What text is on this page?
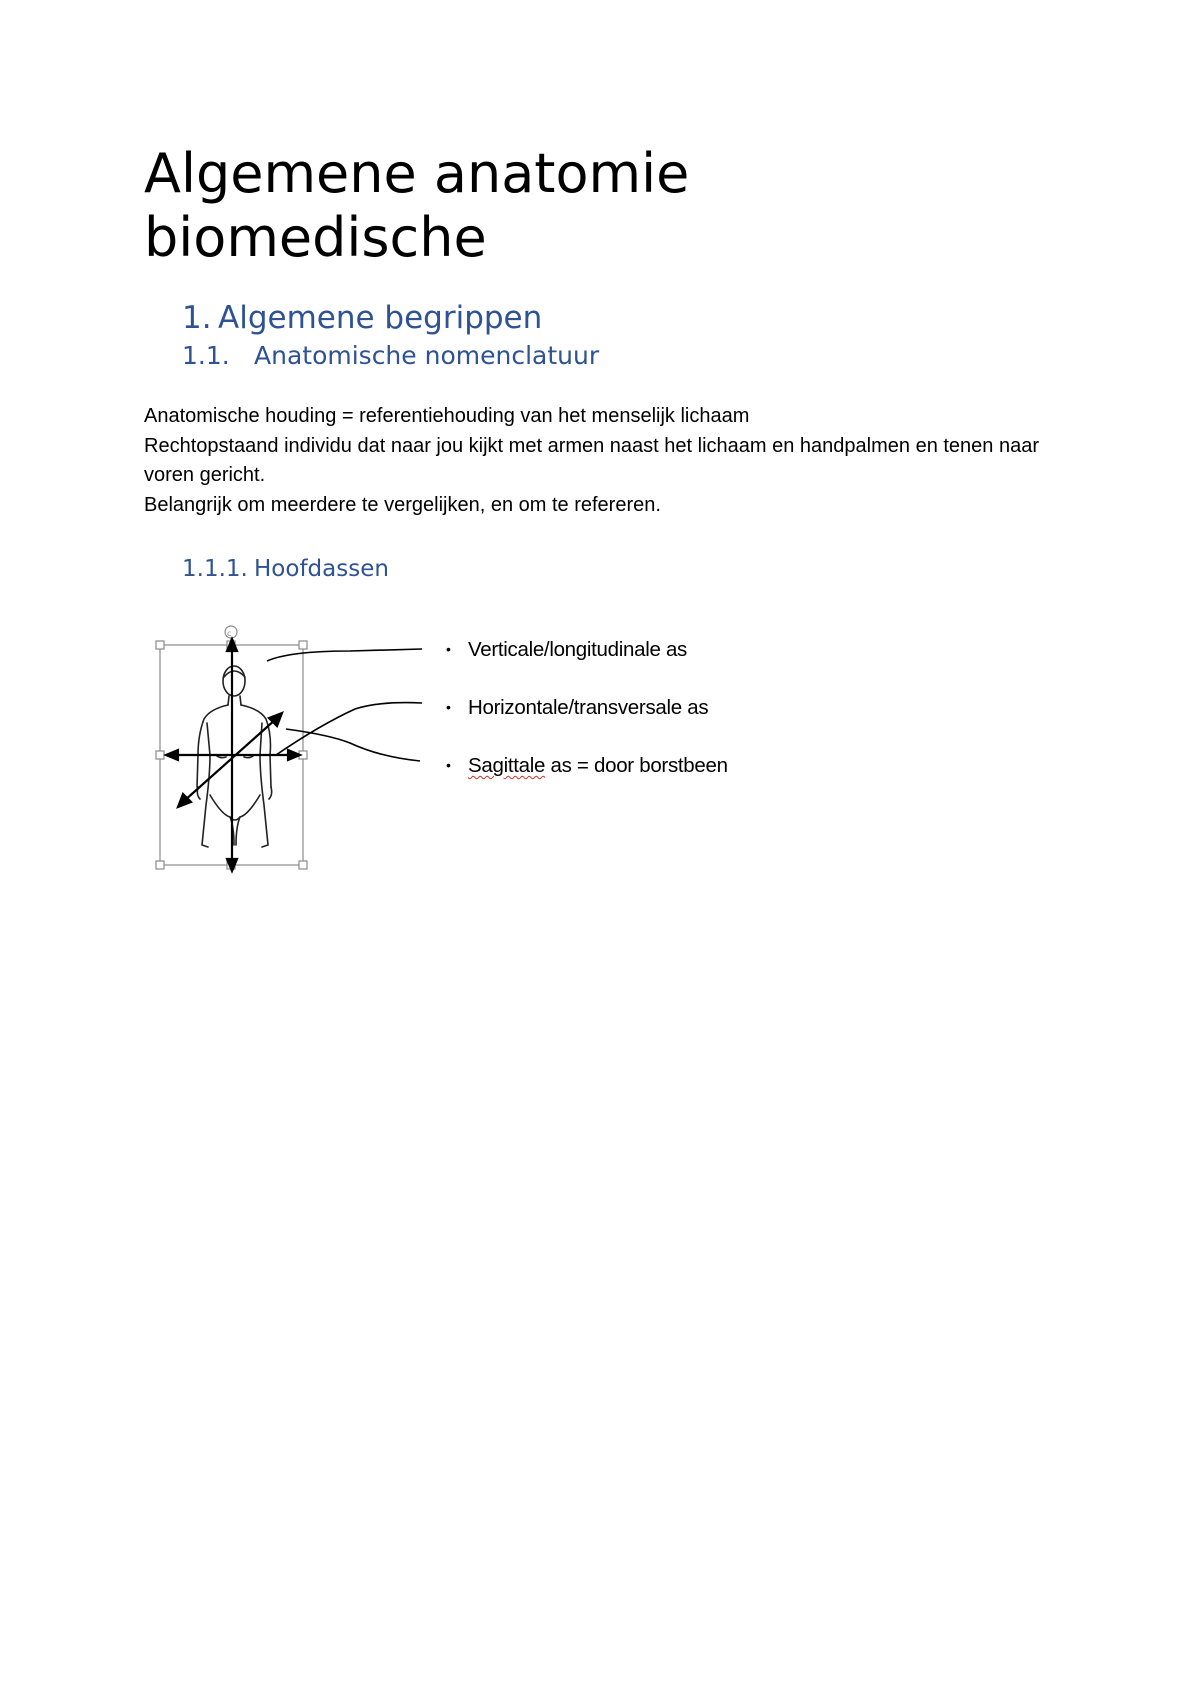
Algemene anatomie
biomedische
1. Algemene begrippen
1.1. Anatomische nomenclatuur

Anatomische houding = referentiehouding van het menselijk lichaam

Rechtopstaand individu dat naar jou kijkt met armen naast het lichaam en handpalmen en tenen naar voren gericht.

Belangrijk om meerdere te vergelijken, en om te refereren.

1.1.1. Hoofdassen
c
• Verticale/longitudinale as
• Horizontale/transversale as
• Sagittale as = door borstbeen
